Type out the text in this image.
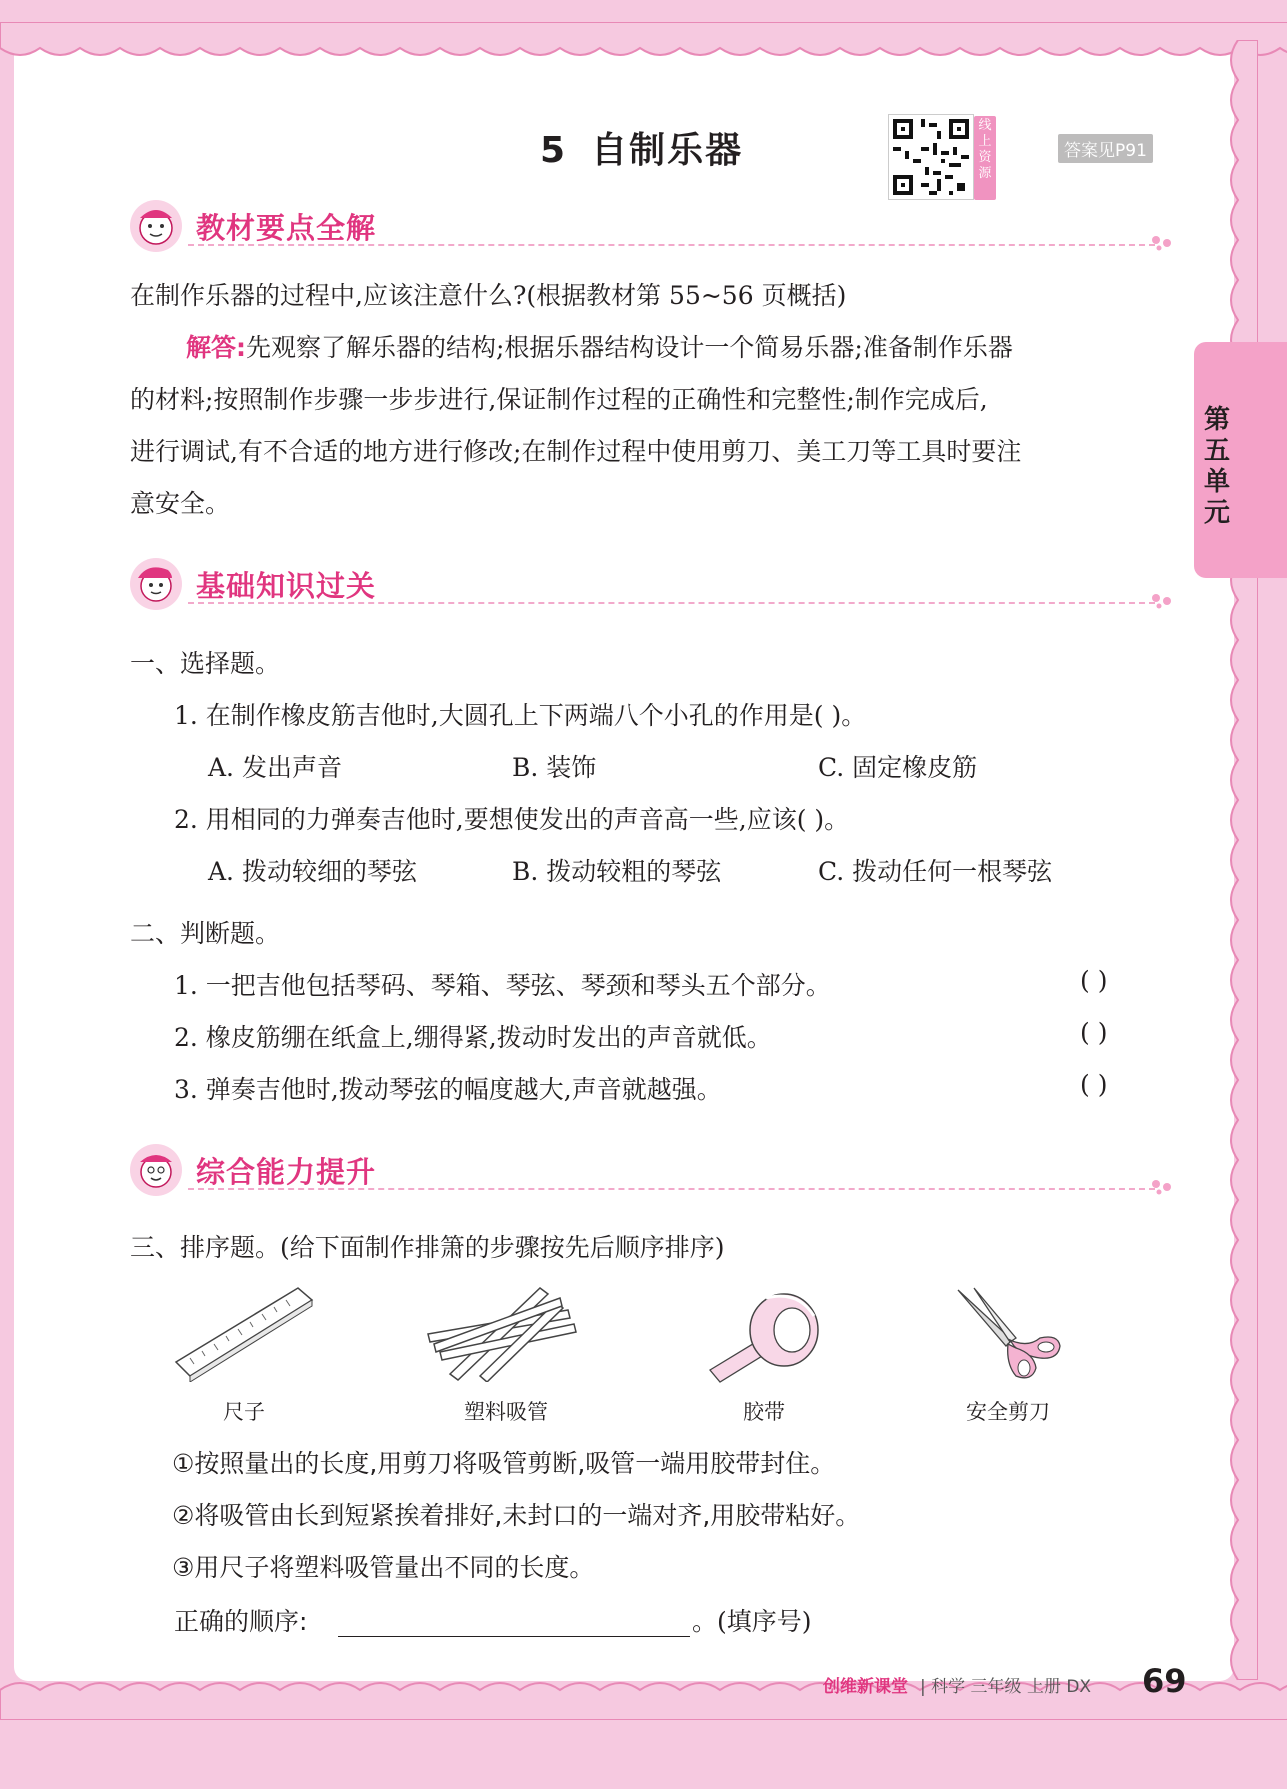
5 自制乐器
线上资源
答案见P91
第五单元
教材要点全解
在制作乐器的过程中,应该注意什么?(根据教材第 55~56 页概括)
解答:先观察了解乐器的结构;根据乐器结构设计一个简易乐器;准备制作乐器
的材料;按照制作步骤一步步进行,保证制作过程的正确性和完整性;制作完成后,
进行调试,有不合适的地方进行修改;在制作过程中使用剪刀、美工刀等工具时要注
意安全。
基础知识过关
一、选择题。
1. 在制作橡皮筋吉他时,大圆孔上下两端八个小孔的作用是( )。
A. 发出声音	B. 装饰	C. 固定橡皮筋
2. 用相同的力弹奏吉他时,要想使发出的声音高一些,应该( )。
A. 拨动较细的琴弦	B. 拨动较粗的琴弦	C. 拨动任何一根琴弦
二、判断题。
1. 一把吉他包括琴码、琴箱、琴弦、琴颈和琴头五个部分。	( )
2. 橡皮筋绷在纸盒上,绷得紧,拨动时发出的声音就低。	( )
3. 弹奏吉他时,拨动琴弦的幅度越大,声音就越强。	( )
综合能力提升
三、排序题。(给下面制作排箫的步骤按先后顺序排序)
尺子	塑料吸管	胶带	安全剪刀
①按照量出的长度,用剪刀将吸管剪断,吸管一端用胶带封住。
②将吸管由长到短紧挨着排好,未封口的一端对齐,用胶带粘好。
③用尺子将塑料吸管量出不同的长度。
正确的顺序:	。(填序号)
创维新课堂 | 科学 三年级 上册 DX 69
